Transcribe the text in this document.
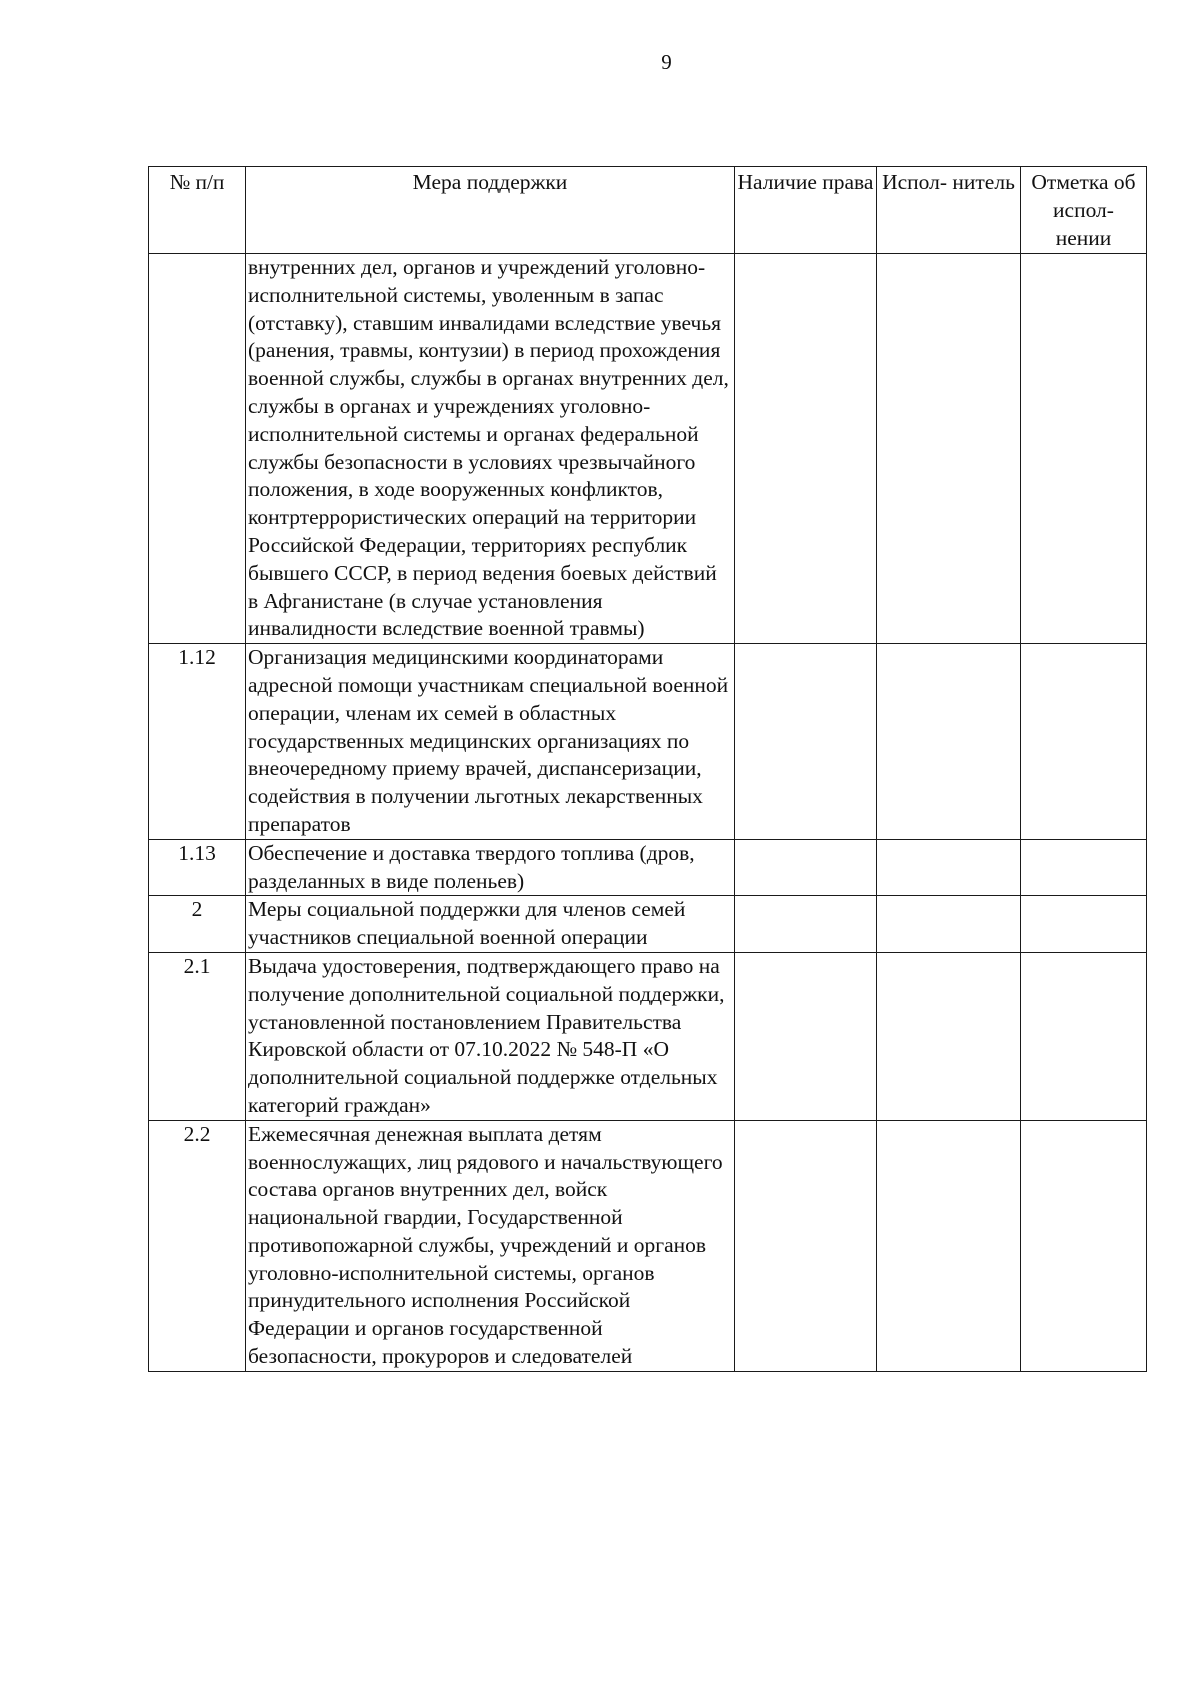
9
№ п/п	Мера поддержки	Наличие права	Испол- нитель	Отметка об испол- нении
	внутренних дел, органов и учреждений уголовно-исполнительной системы, уволенным в запас (отставку), ставшим инвалидами вследствие увечья (ранения, травмы, контузии) в период прохождения военной службы, службы в органах внутренних дел, службы в органах и учреждениях уголовно-исполнительной системы и органах федеральной службы безопасности в условиях чрезвычайного положения, в ходе вооруженных конфликтов, контртеррористических операций на территории Российской Федерации, территориях республик бывшего СССР, в период ведения боевых действий в Афганистане (в случае установления инвалидности вследствие военной травмы)			
1.12	Организация медицинскими координаторами адресной помощи участникам специальной военной операции, членам их семей в областных государственных медицинских организациях по внеочередному приему врачей, диспансеризации, содействия в получении льготных лекарственных препаратов			
1.13	Обеспечение и доставка твердого топлива (дров, разделанных в виде поленьев)			
2	Меры социальной поддержки для членов семей участников специальной военной операции			
2.1	Выдача удостоверения, подтверждающего право на получение дополнительной социальной поддержки, установленной постановлением Правительства Кировской области от 07.10.2022 № 548-П «О дополнительной социальной поддержке отдельных категорий граждан»			
2.2	Ежемесячная денежная выплата детям военнослужащих, лиц рядового и начальствующего состава органов внутренних дел, войск национальной гвардии, Государственной противопожарной службы, учреждений и органов уголовно-исполнительной системы, органов принудительного исполнения Российской Федерации и органов государственной безопасности, прокуроров и следователей			
